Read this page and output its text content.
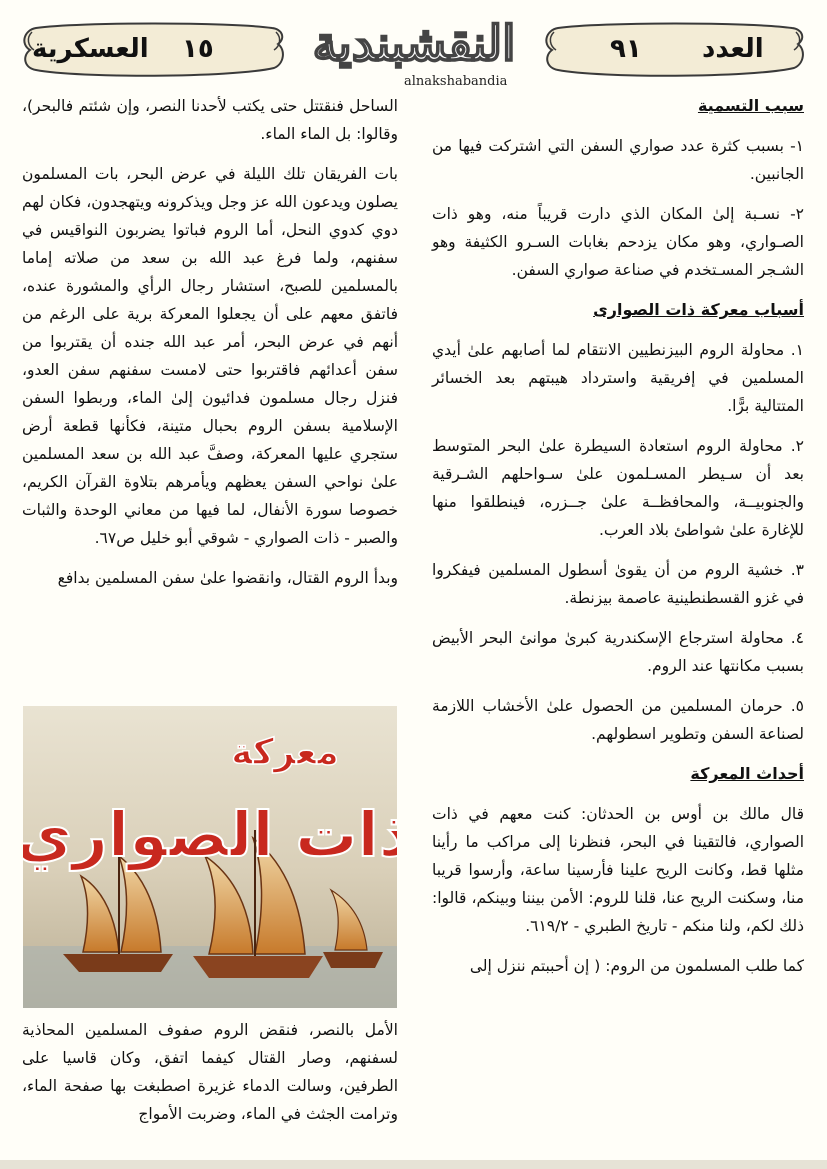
العدد
٩١
النقشبندية
alnakshabandia
١٥
العسكرية

سبب التسمية

١- بسبب كثرة عدد صواري السفن التي اشتركت فيها من الجانبين.

٢- نسـبة إلىٰ المكان الذي دارت قريباً منه، وهو ذات الصـواري، وهو مكان يزدحم بغابات السـرو الكثيفة وهو الشـجر المسـتخدم في صناعة صواري السفن.

أسباب معركة ذات الصوارى

١. محاولة الروم البيزنطيين الانتقام لما أصابهم علىٰ أيدي المسلمين في إفريقية واسترداد هيبتهم بعد الخسائر المتتالية برًّا.

٢. محاولة الروم استعادة السيطرة علىٰ البحر المتوسط بعد أن سـيطر المسـلمون علىٰ سـواحلهم الشـرقية والجنوبيــة، والمحافظــة علىٰ جــزره، فينطلقوا منها للإغارة علىٰ شواطئ بلاد العرب.

٣. خشية الروم من أن يقوىٰ أسطول المسلمين فيفكروا في غزو القسطنطينية عاصمة بيزنطة.

٤. محاولة استرجاع الإسكندرية كبرىٰ موانئ البحر الأبيض بسبب مكانتها عند الروم.

٥. حرمان المسلمين من الحصول علىٰ الأخشاب اللازمة لصناعة السفن وتطوير اسطولهم.

أحداث المعركة

قال مالك بن أوس بن الحدثان: كنت معهم في ذات الصواري، فالتقينا في البحر، فنظرنا إلى مراكب ما رأينا مثلها قط، وكانت الريح علينا فأرسينا ساعة، وأرسوا قريبا منا، وسكنت الريح عنا، قلنا للروم: الأمن بيننا وبينكم، قالوا: ذلك لكم، ولنا منكم - تاريخ الطبري - ٦١٩/٢.

كما طلب المسلمون من الروم: ( إن أحببتم ننزل إلى

الساحل فنقتتل حتى يكتب لأحدنا النصر، وإن شئتم فالبحر)، وقالوا: بل الماء الماء.

بات الفريقان تلك الليلة في عرض البحر، بات المسلمون يصلون ويدعون الله عز وجل ويذكرونه ويتهجدون، فكان لهم دوي كدوي النحل، أما الروم فباتوا يضربون النواقيس في سفنهم، ولما فرغ عبد الله بن سعد من صلاته إماما بالمسلمين للصبح، استشار رجال الرأي والمشورة عنده، فاتفق معهم على أن يجعلوا المعركة برية على الرغم من أنهم في عرض البحر، أمر عبد الله جنده أن يقتربوا من سفن أعدائهم فاقتربوا حتى لامست سفنهم سفن العدو، فنزل رجال مسلمون فدائيون إلىٰ الماء، وربطوا السفن الإسلامية بسفن الروم بحبال متينة، فكأنها قطعة أرض ستجري عليها المعركة، وصفَّ عبد الله بن سعد المسلمين علىٰ نواحي السفن يعظهم ويأمرهم بتلاوة القرآن الكريم، خصوصا سورة الأنفال، لما فيها من معاني الوحدة والثبات والصبر - ذات الصواري - شوقي أبو خليل ص٦٧.

وبدأ الروم القتال، وانقضوا علىٰ سفن المسلمين بدافع

معركة
ذات الصواري

الأمل بالنصر، فنقض الروم صفوف المسلمين المحاذية لسفنهم، وصار القتال كيفما اتفق، وكان قاسيا على الطرفين، وسالت الدماء غزيرة اصطبغت بها صفحة الماء، وترامت الجثث في الماء، وضربت الأمواج
